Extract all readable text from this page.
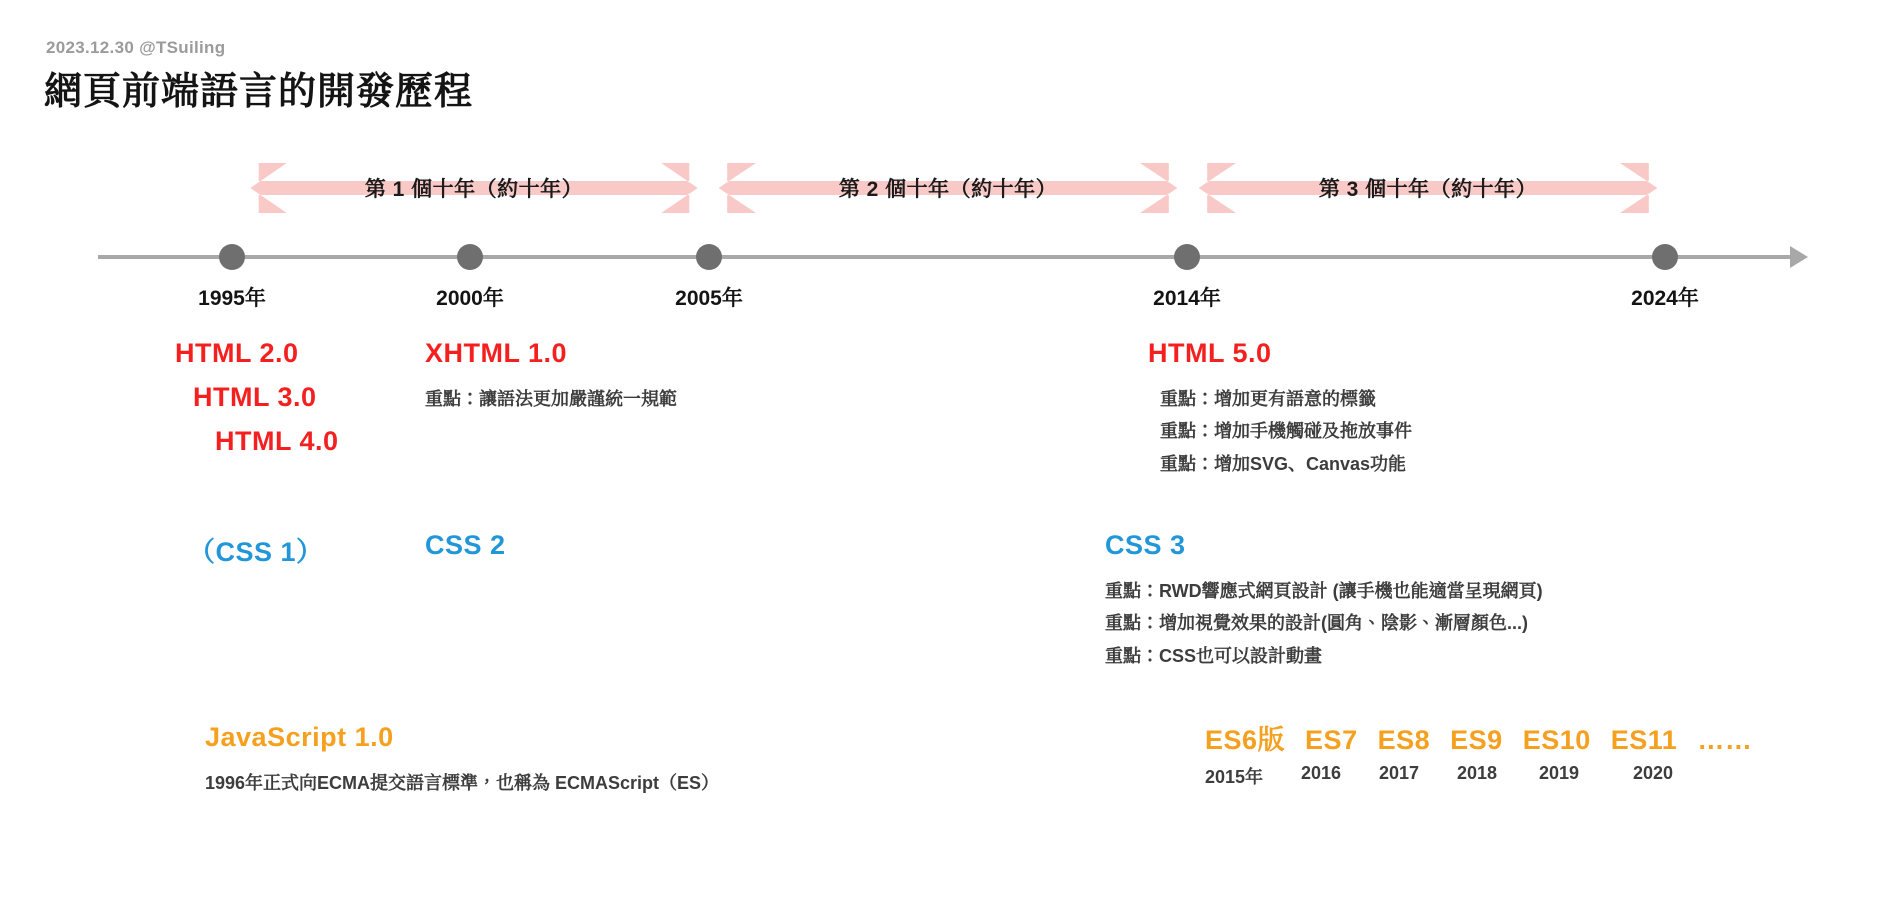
2023.12.30 @TSuiling
網頁前端語言的開發歷程
第 1 個十年（約十年）	第 2 個十年（約十年）	第 3 個十年（約十年）
1995年	2000年	2005年	2014年	2024年
HTML 2.0
HTML 3.0
HTML 4.0
XHTML 1.0
重點：讓語法更加嚴謹統一規範
HTML 5.0
重點：增加更有語意的標籤
重點：增加手機觸碰及拖放事件
重點：增加SVG、Canvas功能
（CSS 1）	CSS 2	CSS 3
重點：RWD響應式網頁設計 (讓手機也能適當呈現網頁)
重點：增加視覺效果的設計(圓角、陰影、漸層顏色...)
重點：CSS也可以設計動畫
JavaScript 1.0
1996年正式向ECMA提交語言標準，也稱為 ECMAScript（ES）
ES6版 ES7 ES8 ES9 ES10 ES11 ……
2015年	2016	2017	2018	2019	2020
